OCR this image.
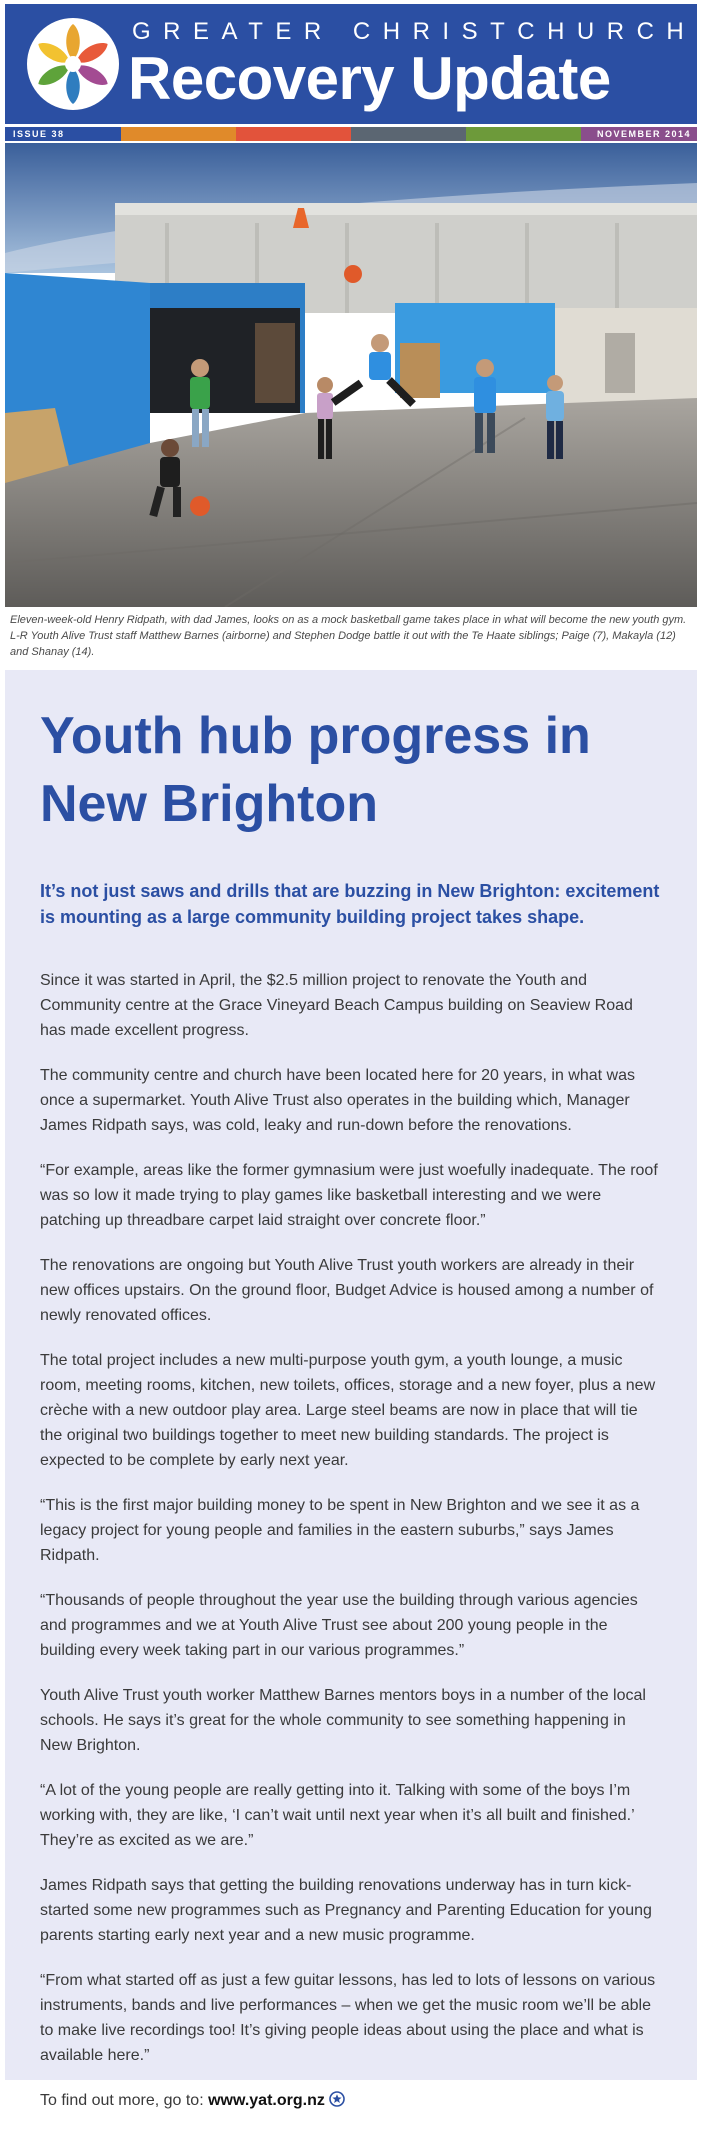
GREATER CHRISTCHURCH
Recovery Update
ISSUE 38	NOVEMBER 2014
Eleven-week-old Henry Ridpath, with dad James, looks on as a mock basketball game takes place in what will become the new youth gym. L-R Youth Alive Trust staff Matthew Barnes (airborne) and Stephen Dodge battle it out with the Te Haate siblings; Paige (7), Makayla (12) and Shanay (14).
Youth hub progress in New Brighton

It’s not just saws and drills that are buzzing in New Brighton: excitement is mounting as a large community building project takes shape.

Since it was started in April, the $2.5 million project to renovate the Youth and Community centre at the Grace Vineyard Beach Campus building on Seaview Road has made excellent progress.

The community centre and church have been located here for 20 years, in what was once a supermarket. Youth Alive Trust also operates in the building which, Manager James Ridpath says, was cold, leaky and run-down before the renovations.

“For example, areas like the former gymnasium were just woefully inadequate. The roof was so low it made trying to play games like basketball interesting and we were patching up threadbare carpet laid straight over concrete floor.”

The renovations are ongoing but Youth Alive Trust youth workers are already in their new offices upstairs. On the ground floor, Budget Advice is housed among a number of newly renovated offices.

The total project includes a new multi-purpose youth gym, a youth lounge, a music room, meeting rooms, kitchen, new toilets, offices, storage and a new foyer, plus a new crèche with a new outdoor play area. Large steel beams are now in place that will tie the original two buildings together to meet new building standards. The project is expected to be complete by early next year.

“This is the first major building money to be spent in New Brighton and we see it as a legacy project for young people and families in the eastern suburbs,” says James Ridpath.

“Thousands of people throughout the year use the building through various agencies and programmes and we at Youth Alive Trust see about 200 young people in the building every week taking part in our various programmes.”

Youth Alive Trust youth worker Matthew Barnes mentors boys in a number of the local schools. He says it’s great for the whole community to see something happening in New Brighton.

“A lot of the young people are really getting into it. Talking with some of the boys I’m working with, they are like, ‘I can’t wait until next year when it’s all built and finished.’ They’re as excited as we are.”

James Ridpath says that getting the building renovations underway has in turn kick-started some new programmes such as Pregnancy and Parenting Education for young parents starting early next year and a new music programme.

“From what started off as just a few guitar lessons, has led to lots of lessons on various instruments, bands and live performances – when we get the music room we’ll be able to make live recordings too! It’s giving people ideas about using the place and what is available here.”

To find out more, go to: www.yat.org.nz
